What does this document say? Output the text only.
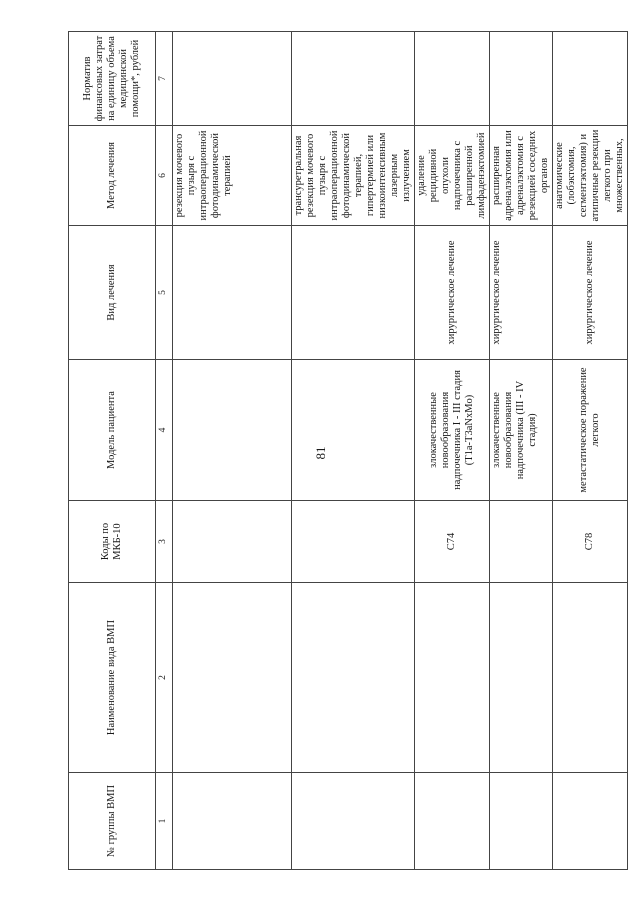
81
№ группы ВМП	Наименование вида ВМП	Коды по МКБ-10	Модель пациента	Вид лечения	Метод лечения	Норматив финансовых затрат на единицу объема медицинской помощи*, рублей
1	2	3	4	5	6	7
					резекция мочевого пузыря с интраоперационной фотодинамической терапией	
					трансуретральная резекция мочевого пузыря с интраоперационной фотодинамической терапией, гипертермией или низкоинтенсивным лазерным излучением	
		C74	злокачественные новообразования надпочечника I - III стадия (T1a-T3aNxMo)	хирургическое лечение	удаление рецидивной опухоли надпочечника с расширенной лимфаденэктомией	
			злокачественные новообразования надпочечника (III - IV стадия)	хирургическое лечение	расширенная адреналэктомия или адреналэктомия с резекцией соседних органов	
		C78	метастатическое поражение легкого	хирургическое лечение	анатомические (лобэктомия, сегментэктомия) и атипичные резекции легкого при множественных,	
